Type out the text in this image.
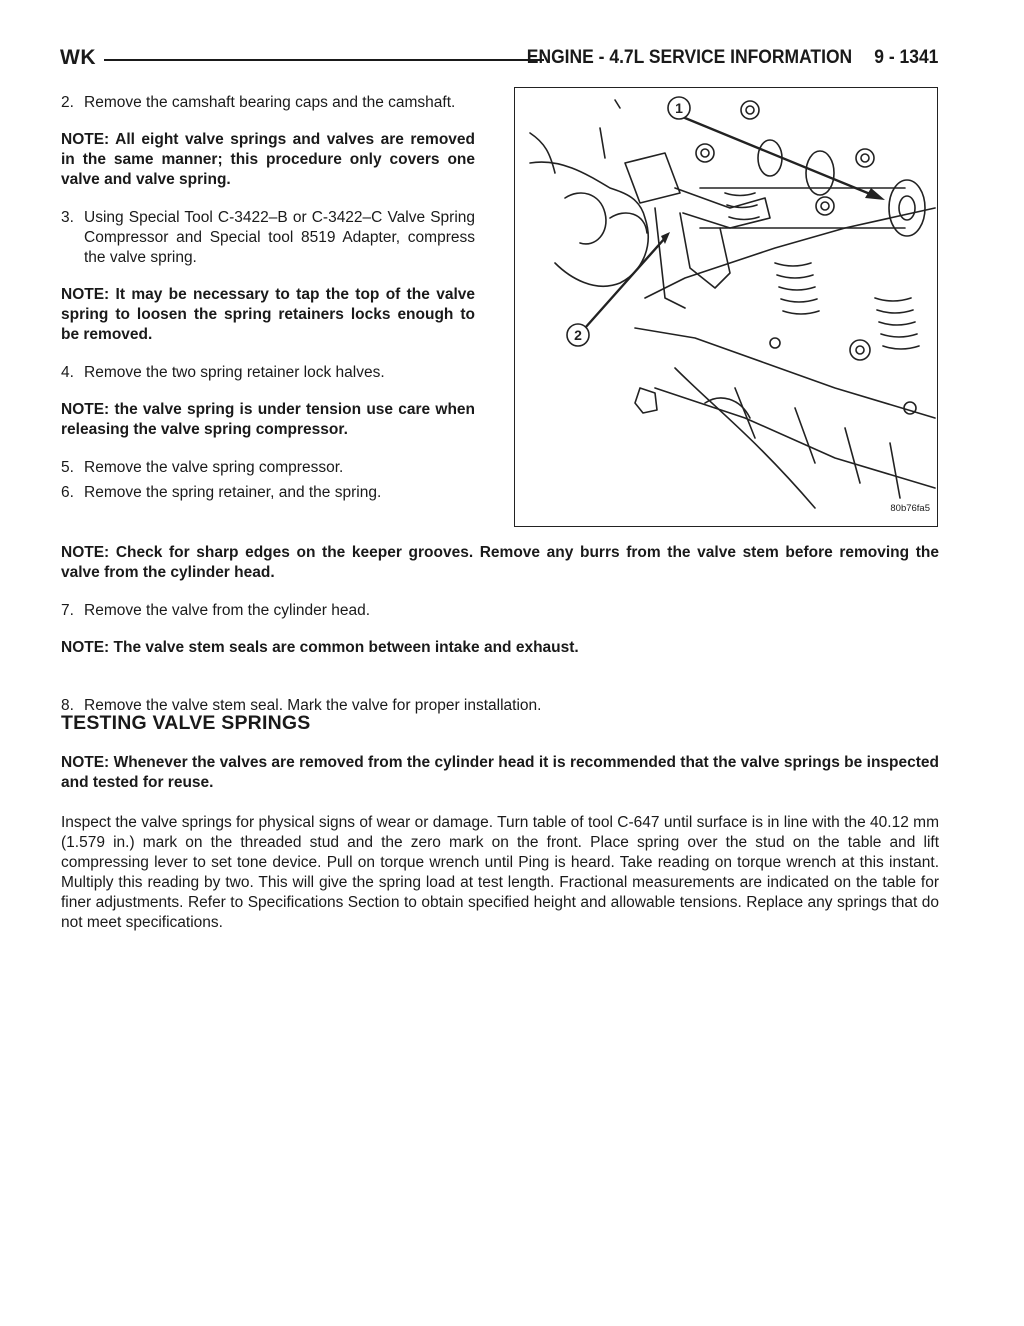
WK	ENGINE - 4.7L SERVICE INFORMATION 9 - 1341

2. Remove the camshaft bearing caps and the camshaft.

NOTE: All eight valve springs and valves are removed in the same manner; this procedure only covers one valve and valve spring.

3. Using Special Tool C-3422–B or C-3422–C Valve Spring Compressor and Special tool 8519 Adapter, compress the valve spring.

NOTE: It may be necessary to tap the top of the valve spring to loosen the spring retainers locks enough to be removed.

4. Remove the two spring retainer lock halves.

NOTE: the valve spring is under tension use care when releasing the valve spring compressor.

5. Remove the valve spring compressor.

6. Remove the spring retainer, and the spring.

1
2
80b76fa5

NOTE: Check for sharp edges on the keeper grooves. Remove any burrs from the valve stem before removing the valve from the cylinder head.

7. Remove the valve from the cylinder head.

NOTE: The valve stem seals are common between intake and exhaust.

8. Remove the valve stem seal. Mark the valve for proper installation.

TESTING VALVE SPRINGS

NOTE: Whenever the valves are removed from the cylinder head it is recommended that the valve springs be inspected and tested for reuse.

Inspect the valve springs for physical signs of wear or damage. Turn table of tool C-647 until surface is in line with the 40.12 mm (1.579 in.) mark on the threaded stud and the zero mark on the front. Place spring over the stud on the table and lift compressing lever to set tone device. Pull on torque wrench until Ping is heard. Take reading on torque wrench at this instant. Multiply this reading by two. This will give the spring load at test length. Fractional measurements are indicated on the table for finer adjustments. Refer to Specifications Section to obtain specified height and allowable tensions. Replace any springs that do not meet specifications.
